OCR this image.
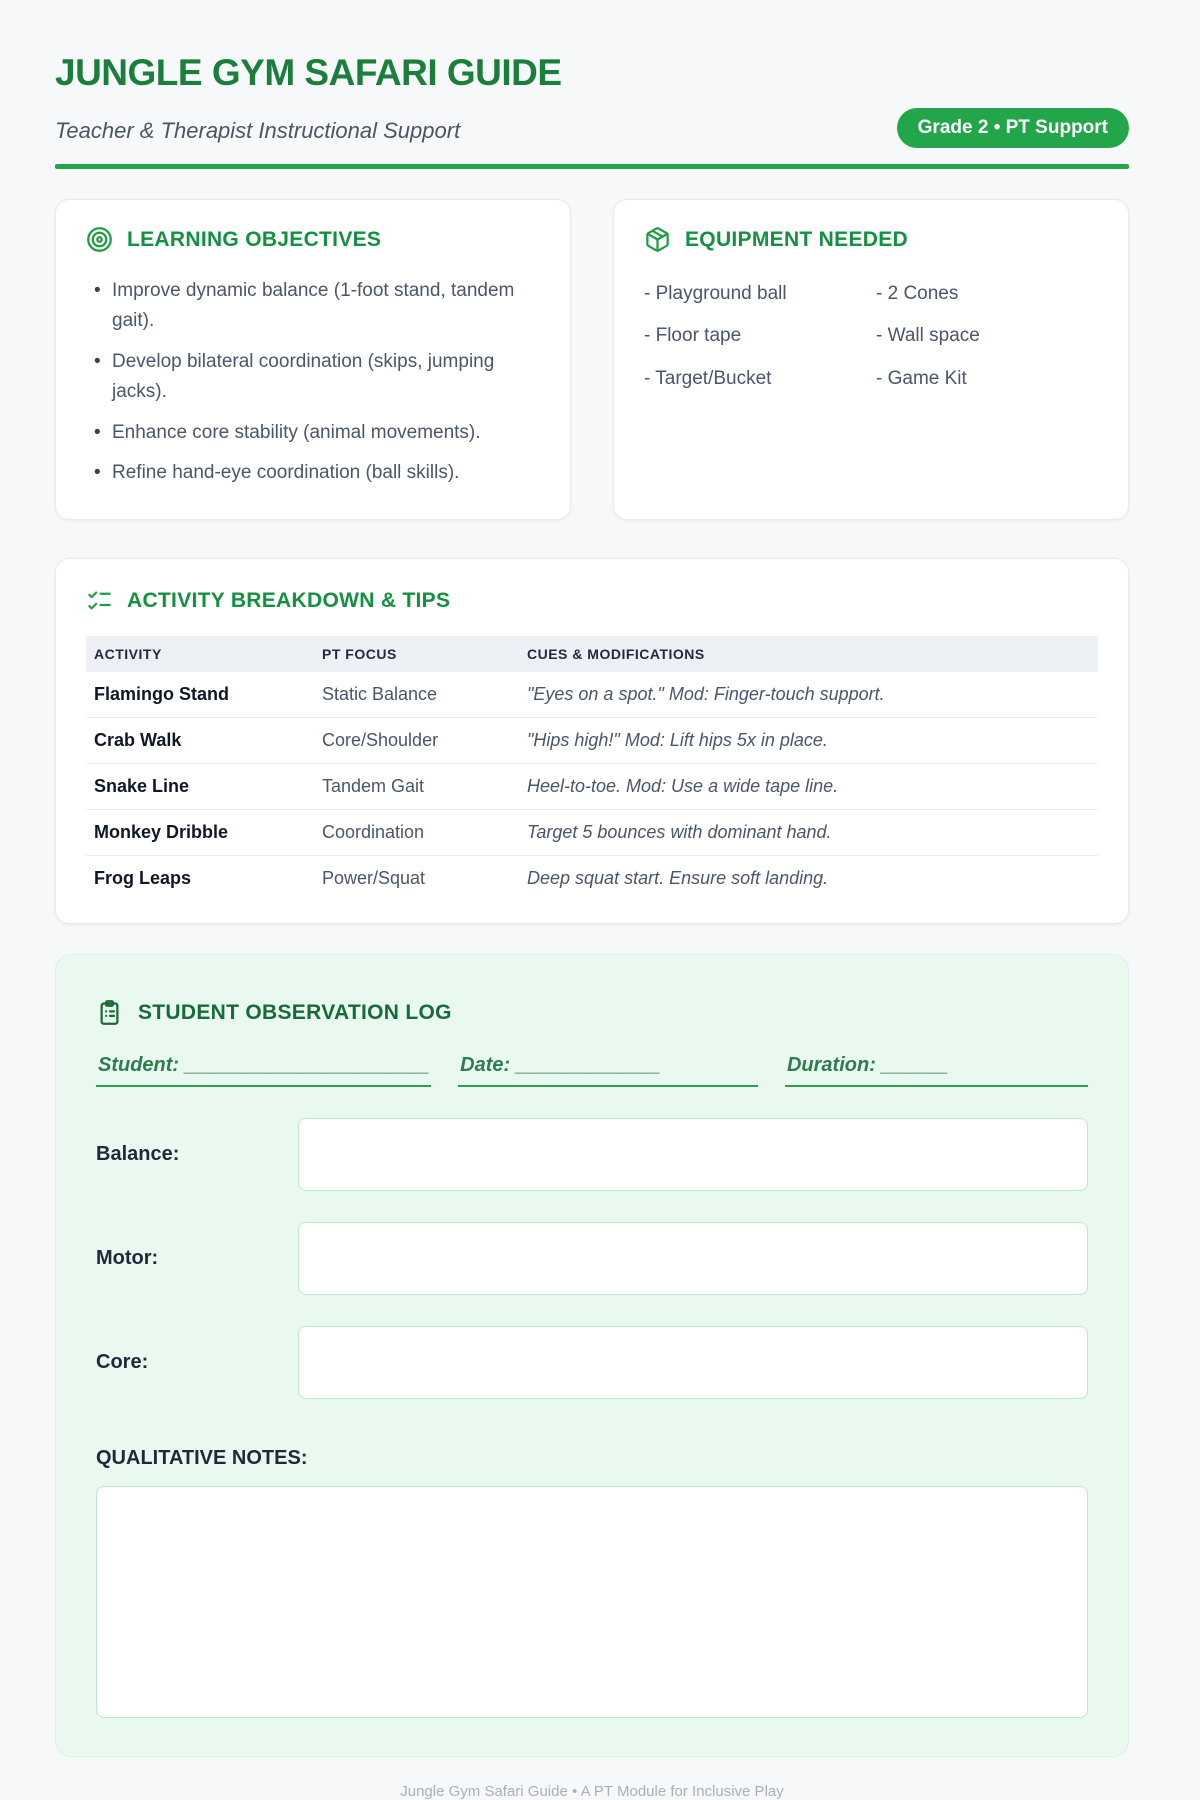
JUNGLE GYM SAFARI GUIDE
Teacher & Therapist Instructional Support	Grade 2 • PT Support
LEARNING OBJECTIVES
• Improve dynamic balance (1-foot stand, tandem gait).
• Develop bilateral coordination (skips, jumping jacks).
• Enhance core stability (animal movements).
• Refine hand-eye coordination (ball skills).
EQUIPMENT NEEDED
- Playground ball
- Floor tape
- Target/Bucket
- 2 Cones
- Wall space
- Game Kit
ACTIVITY BREAKDOWN & TIPS
ACTIVITY	PT FOCUS	CUES & MODIFICATIONS
Flamingo Stand	Static Balance	"Eyes on a spot." Mod: Finger-touch support.
Crab Walk	Core/Shoulder	"Hips high!" Mod: Lift hips 5x in place.
Snake Line	Tandem Gait	Heel-to-toe. Mod: Use a wide tape line.
Monkey Dribble	Coordination	Target 5 bounces with dominant hand.
Frog Leaps	Power/Squat	Deep squat start. Ensure soft landing.
STUDENT OBSERVATION LOG
Student: ______________________ Date: _____________	Duration: ______
Balance:
Motor:
Core:
QUALITATIVE NOTES:
Jungle Gym Safari Guide • A PT Module for Inclusive Play
